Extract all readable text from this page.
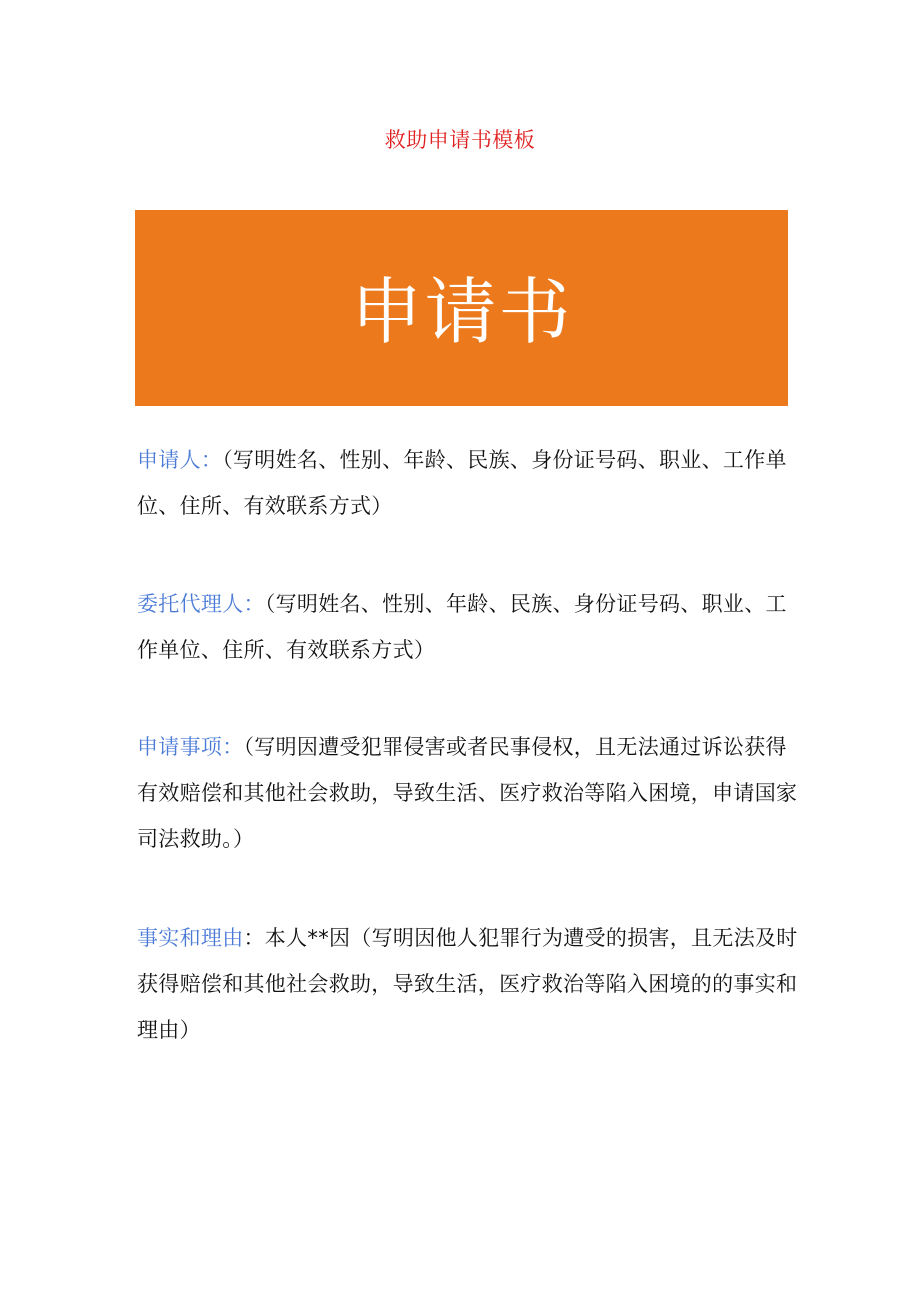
救助申请书模板
申请书
申请人：（写明姓名、性别、年龄、民族、身份证号码、职业、工作单位、住所、有效联系方式）
委托代理人：（写明姓名、性别、年龄、民族、身份证号码、职业、工作单位、住所、有效联系方式）
申请事项：（写明因遭受犯罪侵害或者民事侵权，且无法通过诉讼获得有效赔偿和其他社会救助，导致生活、医疗救治等陷入困境，申请国家司法救助。）
事实和理由：本人**因（写明因他人犯罪行为遭受的损害，且无法及时获得赔偿和其他社会救助，导致生活，医疗救治等陷入困境的的事实和理由）
